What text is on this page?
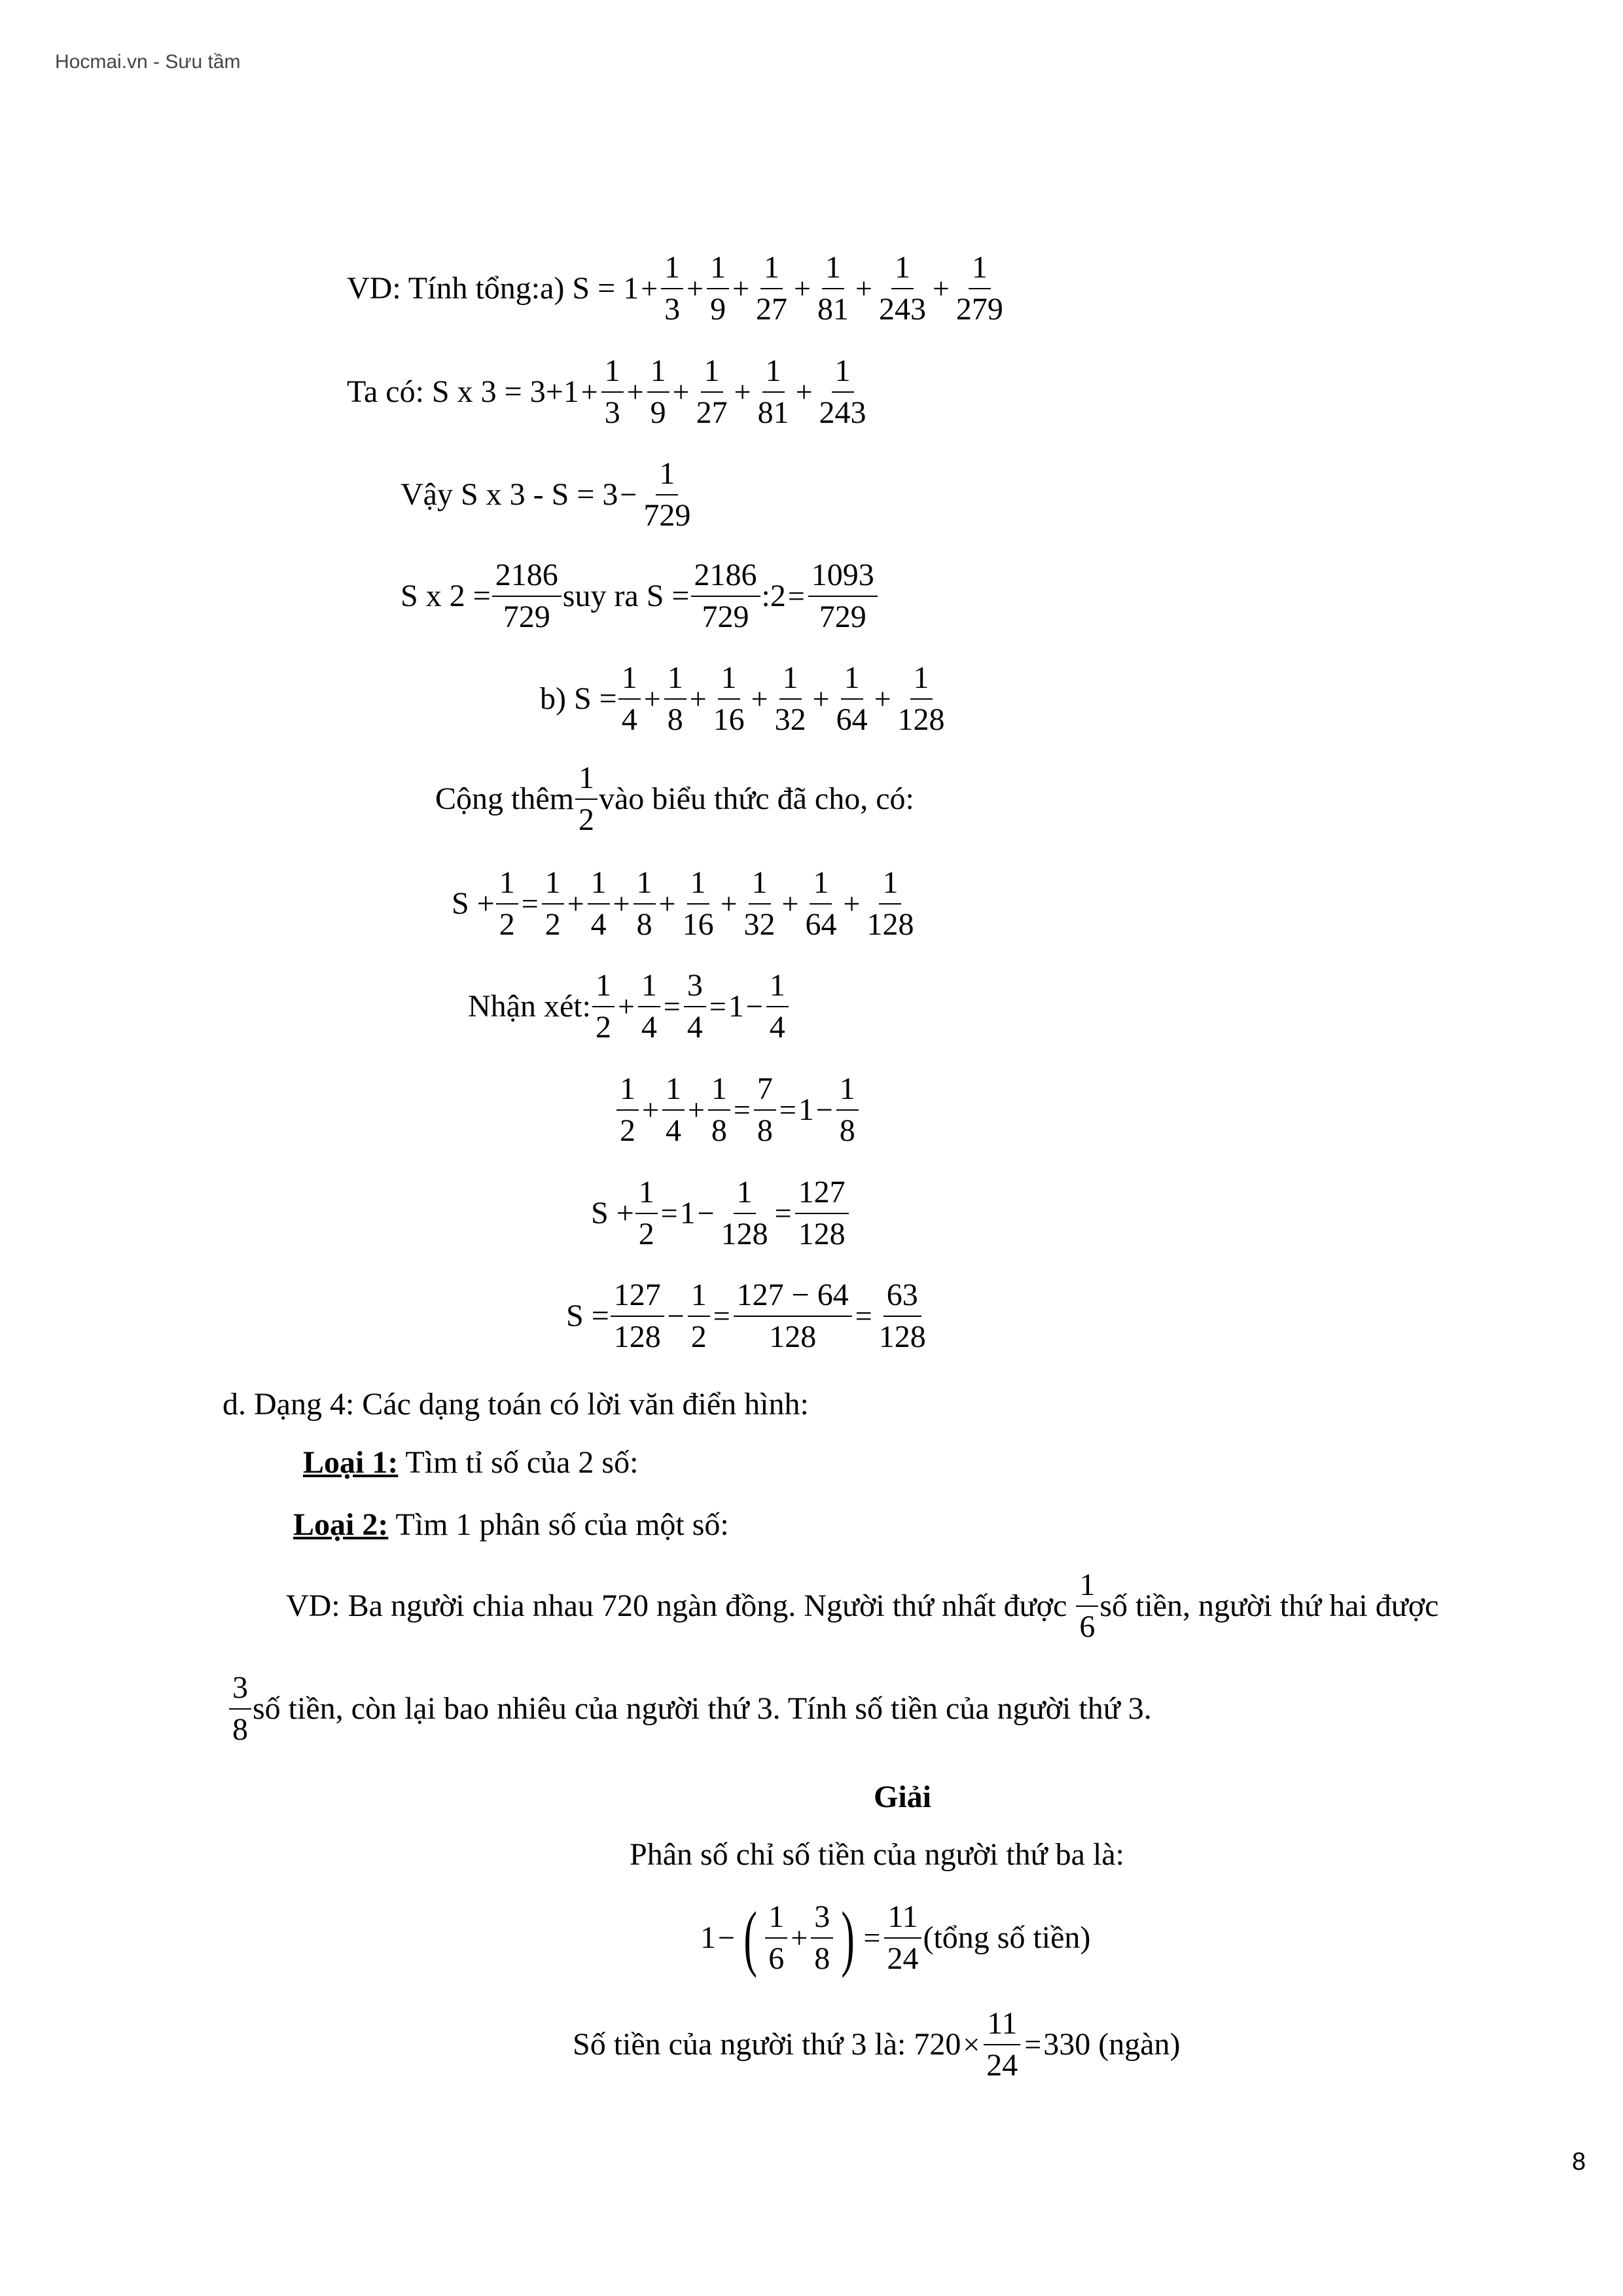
Hocmai.vn - Sưu tầm
VD: Tính tổng:a) S =
$1 + \frac{1}{3} + \frac{1}{9} + \frac{1}{27} + \frac{1}{81} + \frac{1}{243} + \frac{1}{279}$
Ta có: S x 3 =
$3+1 + \frac{1}{3} + \frac{1}{9} + \frac{1}{27} + \frac{1}{81} + \frac{1}{243}$
Vậy S x 3 - S =
$3 - \frac{1}{729}$
S x $2 = \frac{2186}{729}$ suy ra $S = \frac{2186}{729}$ :2 = $\frac{1093}{729}$
b) $S = \frac{1}{4} + \frac{1}{8} + \frac{1}{16} + \frac{1}{32} + \frac{1}{64} + \frac{1}{128}$
Cộng thêm $\frac{1}{2}$ vào biểu thức đã cho, có:
$S + \frac{1}{2} = \frac{1}{2} + \frac{1}{4} + \frac{1}{8} + \frac{1}{16} + \frac{1}{32} + \frac{1}{64} + \frac{1}{128}$
Nhận xét: $\frac{1}{2} + \frac{1}{4} = \frac{3}{4} = 1 - \frac{1}{4}$
$\frac{1}{2} + \frac{1}{4} + \frac{1}{8} = \frac{7}{8} = 1 - \frac{1}{8}$
$S + \frac{1}{2} = 1 - \frac{1}{128} = \frac{127}{128}$
$S = \frac{127}{128} - \frac{1}{2} = \frac{127 - 64}{128} = \frac{63}{128}$
d. Dạng 4: Các dạng toán có lời văn điển hình:
Loại 1: Tìm tỉ số của 2 số:
Loại 2: Tìm 1 phân số của một số:
VD: Ba người chia nhau 720 ngàn đồng. Người thứ nhất được $\frac{1}{6}$ số tiền, người thứ hai được
$\frac{3}{8}$ số tiền, còn lại bao nhiêu của người thứ 3. Tính số tiền của người thứ 3.
Giải
Phân số chỉ số tiền của người thứ ba là:
1 − ( $\frac{1}{6} + \frac{3}{8}$ ) = $\frac{11}{24}$ (tổng số tiền)
Số tiền của người thứ 3 là: $720 \times \frac{11}{24} = 330$ (ngàn)
8
